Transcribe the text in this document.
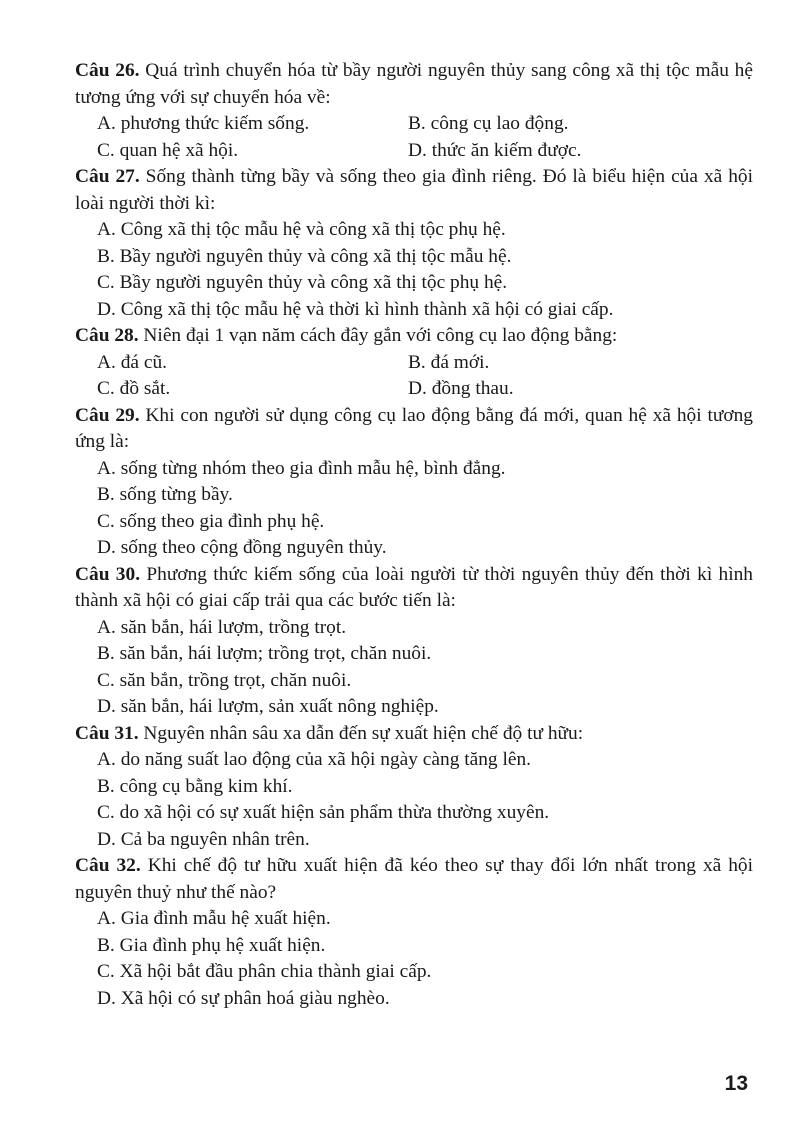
Câu 26. Quá trình chuyển hóa từ bầy người nguyên thủy sang công xã thị tộc mẫu hệ tương ứng với sự chuyển hóa về:

A. phương thức kiếm sống.	B. công cụ lao động.

C. quan hệ xã hội.	D. thức ăn kiếm được.

Câu 27. Sống thành từng bầy và sống theo gia đình riêng. Đó là biểu hiện của xã hội loài người thời kì:

A. Công xã thị tộc mẫu hệ và công xã thị tộc phụ hệ.

B. Bầy người nguyên thủy và công xã thị tộc mẫu hệ.

C. Bầy người nguyên thủy và công xã thị tộc phụ hệ.

D. Công xã thị tộc mẫu hệ và thời kì hình thành xã hội có giai cấp.

Câu 28. Niên đại 1 vạn năm cách đây gắn với công cụ lao động bằng:

A. đá cũ.	B. đá mới.

C. đồ sắt.	D. đồng thau.

Câu 29. Khi con người sử dụng công cụ lao động bằng đá mới, quan hệ xã hội tương ứng là:

A. sống từng nhóm theo gia đình mẫu hệ, bình đẳng.

B. sống từng bầy.

C. sống theo gia đình phụ hệ.

D. sống theo cộng đồng nguyên thủy.

Câu 30. Phương thức kiếm sống của loài người từ thời nguyên thủy đến thời kì hình thành xã hội có giai cấp trải qua các bước tiến là:

A. săn bắn, hái lượm, trồng trọt.

B. săn bắn, hái lượm; trồng trọt, chăn nuôi.

C. săn bắn, trồng trọt, chăn nuôi.

D. săn bắn, hái lượm, sản xuất nông nghiệp.

Câu 31. Nguyên nhân sâu xa dẫn đến sự xuất hiện chế độ tư hữu:

A. do năng suất lao động của xã hội ngày càng tăng lên.

B. công cụ bằng kim khí.

C. do xã hội có sự xuất hiện sản phẩm thừa thường xuyên.

D. Cả ba nguyên nhân trên.

Câu 32. Khi chế độ tư hữu xuất hiện đã kéo theo sự thay đổi lớn nhất trong xã hội nguyên thuỷ như thế nào?

A. Gia đình mẫu hệ xuất hiện.

B. Gia đình phụ hệ xuất hiện.

C. Xã hội bắt đầu phân chia thành giai cấp.

D. Xã hội có sự phân hoá giàu nghèo.

13
